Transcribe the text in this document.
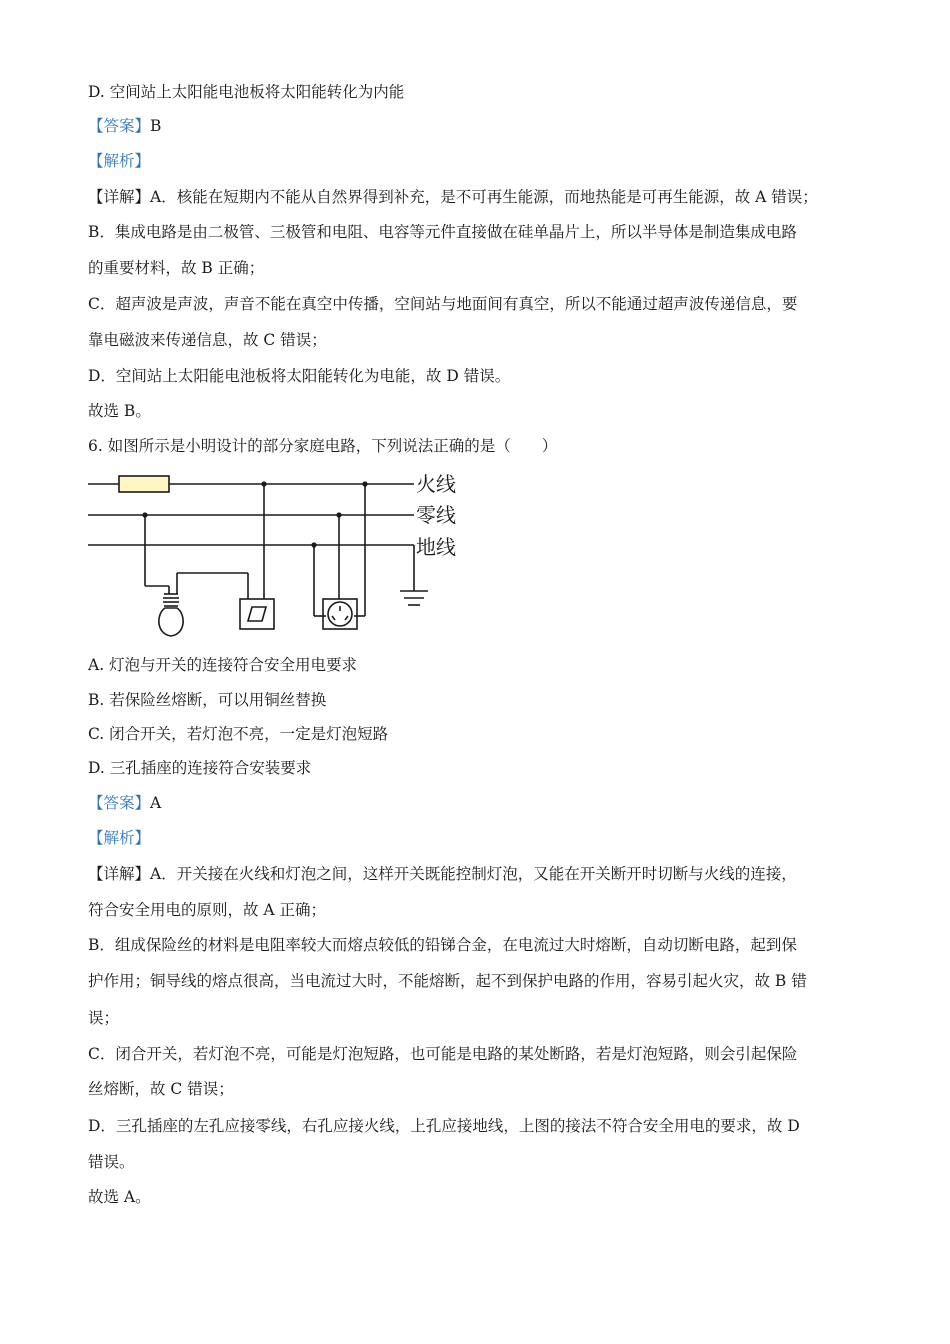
D. 空间站上太阳能电池板将太阳能转化为内能
【答案】B
【解析】
【详解】A．核能在短期内不能从自然界得到补充，是不可再生能源，而地热能是可再生能源，故 A 错误；
B．集成电路是由二极管、三极管和电阻、电容等元件直接做在硅单晶片上，所以半导体是制造集成电路
的重要材料，故 B 正确；
C．超声波是声波，声音不能在真空中传播，空间站与地面间有真空，所以不能通过超声波传递信息，要
靠电磁波来传递信息，故 C 错误；
D．空间站上太阳能电池板将太阳能转化为电能，故 D 错误。
故选 B。
6. 如图所示是小明设计的部分家庭电路，下列说法正确的是（　　）
火线
零线
地线
A. 灯泡与开关的连接符合安全用电要求
B. 若保险丝熔断，可以用铜丝替换
C. 闭合开关，若灯泡不亮，一定是灯泡短路
D. 三孔插座的连接符合安装要求
【答案】A
【解析】
【详解】A．开关接在火线和灯泡之间，这样开关既能控制灯泡，又能在开关断开时切断与火线的连接，
符合安全用电的原则，故 A 正确；
B．组成保险丝的材料是电阻率较大而熔点较低的铅锑合金，在电流过大时熔断，自动切断电路，起到保
护作用；铜导线的熔点很高，当电流过大时，不能熔断，起不到保护电路的作用，容易引起火灾，故 B 错
误；
C．闭合开关，若灯泡不亮，可能是灯泡短路，也可能是电路的某处断路，若是灯泡短路，则会引起保险
丝熔断，故 C 错误；
D．三孔插座的左孔应接零线，右孔应接火线，上孔应接地线，上图的接法不符合安全用电的要求，故 D
错误。
故选 A。
